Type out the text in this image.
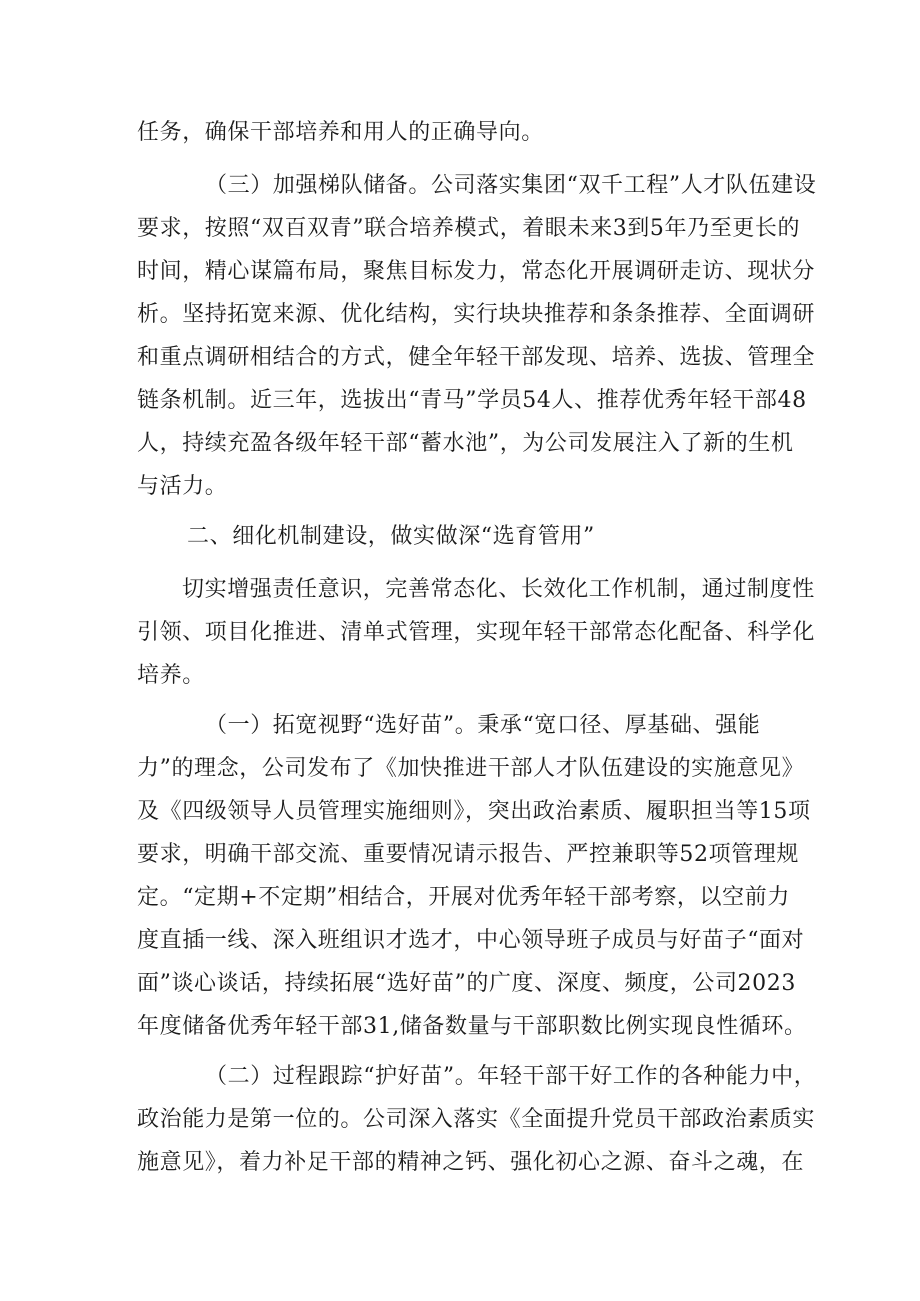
任务，确保干部培养和用人的正确导向。
（三）加强梯队储备。公司落实集团“双千工程”人才队伍建设
要求，按照“双百双青”联合培养模式，着眼未来3到5年乃至更长的
时间，精心谋篇布局，聚焦目标发力，常态化开展调研走访、现状分
析。坚持拓宽来源、优化结构，实行块块推荐和条条推荐、全面调研
和重点调研相结合的方式，健全年轻干部发现、培养、选拔、管理全
链条机制。近三年，选拔出“青马”学员54人、推荐优秀年轻干部48
人，持续充盈各级年轻干部“蓄水池”，为公司发展注入了新的生机
与活力。
二、细化机制建设，做实做深“选育管用”
切实增强责任意识，完善常态化、长效化工作机制，通过制度性
引领、项目化推进、清单式管理，实现年轻干部常态化配备、科学化
培养。
（一）拓宽视野“选好苗”。秉承“宽口径、厚基础、强能
力”的理念，公司发布了《加快推进干部人才队伍建设的实施意见》
及《四级领导人员管理实施细则》，突出政治素质、履职担当等15项
要求，明确干部交流、重要情况请示报告、严控兼职等52项管理规
定。“定期+不定期”相结合，开展对优秀年轻干部考察，以空前力
度直插一线、深入班组识才选才，中心领导班子成员与好苗子“面对
面”谈心谈话，持续拓展“选好苗”的广度、深度、频度，公司2023
年度储备优秀年轻干部31,储备数量与干部职数比例实现良性循环。
（二）过程跟踪“护好苗”。年轻干部干好工作的各种能力中，
政治能力是第一位的。公司深入落实《全面提升党员干部政治素质实
施意见》，着力补足干部的精神之钙、强化初心之源、奋斗之魂，在
